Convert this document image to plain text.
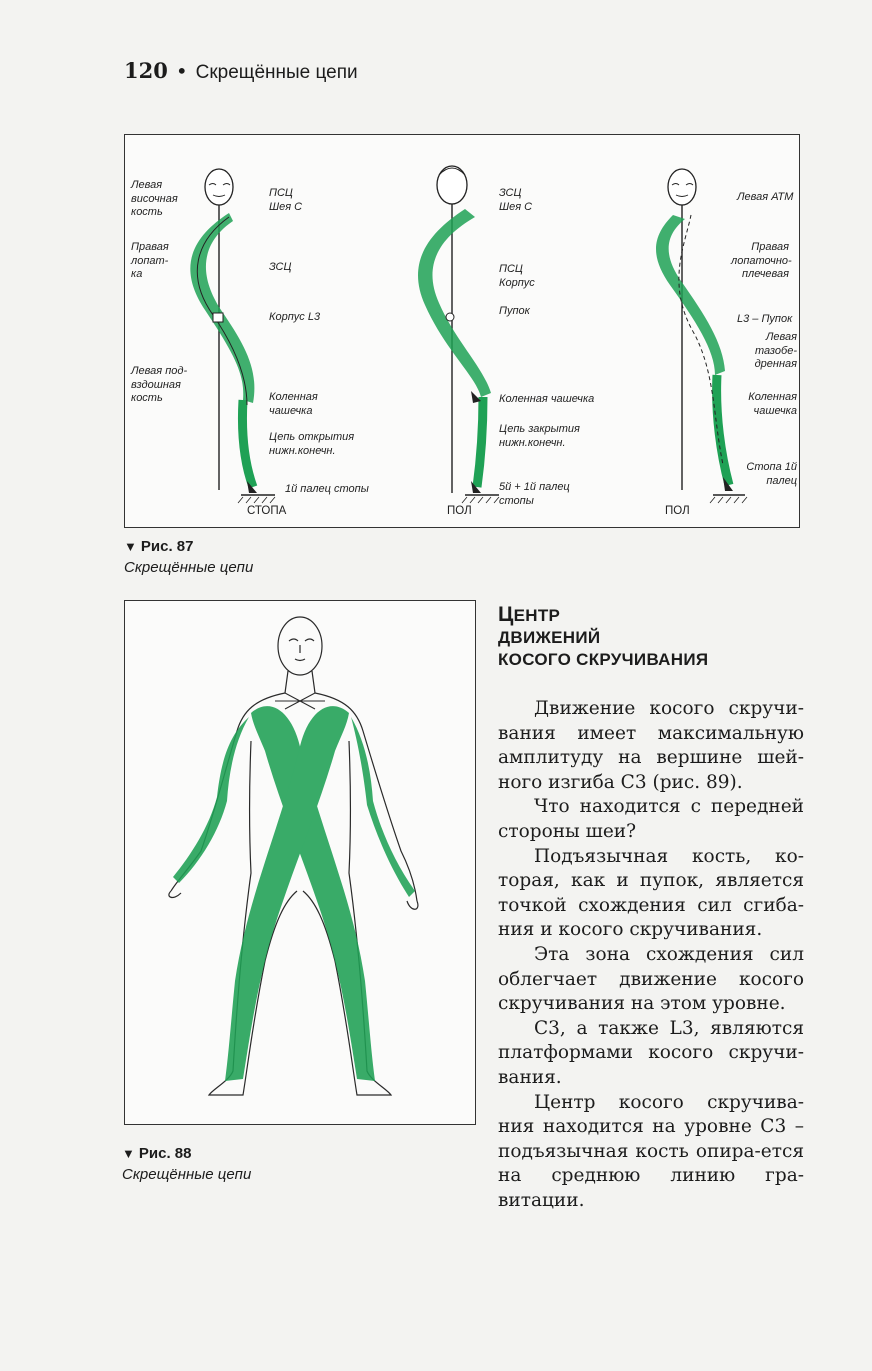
120 • Скрещённые цепи
Левая
височная
кость
Правая
лопат-
ка
Левая под-
вздошная
кость
ПСЦ
Шея С
ЗСЦ
Корпус L3
Коленная
чашечка
Цепь открытия
нижн.конечн.
1й палец стопы
СТОПА
ЗСЦ
Шея С
ПСЦ
Корпус
Пупок
Коленная чашечка
Цепь закрытия
нижн.конечн.
5й + 1й палец
стопы
ПОЛ
Левая АТМ
Правая
лопаточно-
плечевая
L3 – Пупок
Левая
тазобе-
дренная
Коленная
чашечка
Стопа 1й
палец
ПОЛ
▼ Рис. 87
Скрещённые цепи
▼ Рис. 88
Скрещённые цепи
ЦЕНТР
ДВИЖЕНИЙ
КОСОГО СКРУЧИВАНИЯ

Движение косого скручи-вания имеет максимальную амплитуду на вершине шей-ного изгиба С3 (рис. 89).

Что находится с передней стороны шеи?

Подъязычная кость, ко-торая, как и пупок, является точкой схождения сил сгиба-ния и косого скручивания.

Эта зона схождения сил облегчает движение косого скручивания на этом уровне.

С3, а также L3, являются платформами косого скручи-вания.

Центр косого скручива-ния находится на уровне С3 – подъязычная кость опира-ется на среднюю линию гра-витации.
